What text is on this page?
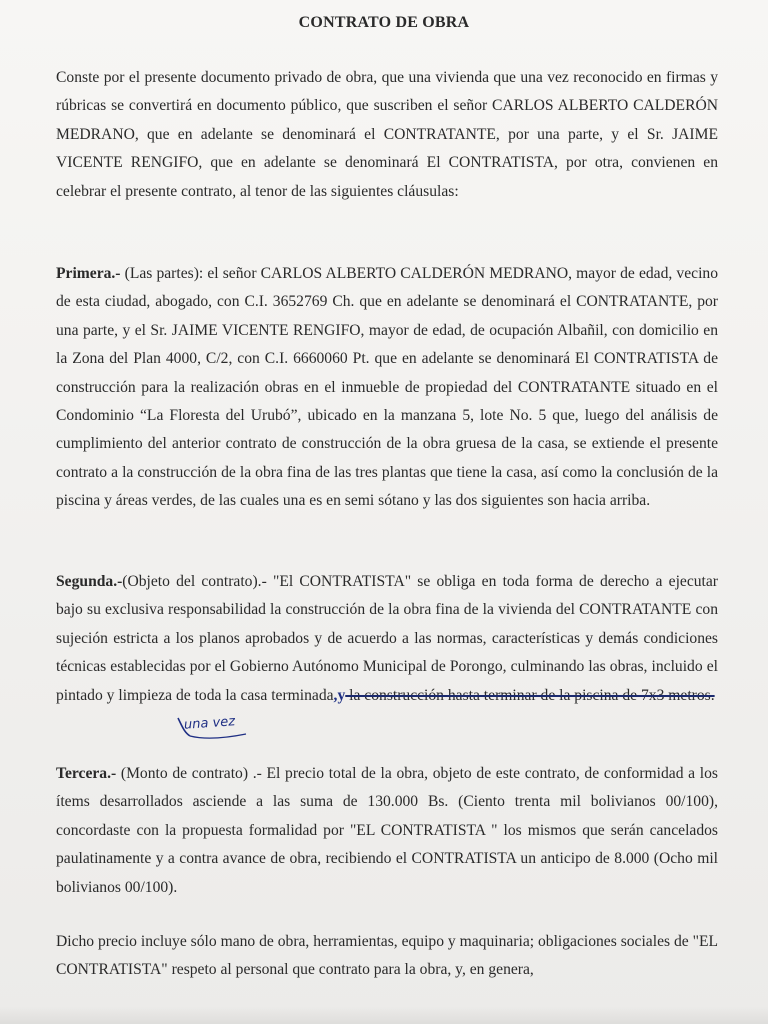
CONTRATO DE OBRA

Conste por el presente documento privado de obra, que una vivienda que una vez reconocido en firmas y rúbricas se convertirá en documento público, que suscriben el señor CARLOS ALBERTO CALDERÓN MEDRANO, que en adelante se denominará el CONTRATANTE, por una parte, y el Sr. JAIME VICENTE RENGIFO, que en adelante se denominará El CONTRATISTA, por otra, convienen en celebrar el presente contrato, al tenor de las siguientes cláusulas:

Primera.- (Las partes): el señor CARLOS ALBERTO CALDERÓN MEDRANO, mayor de edad, vecino de esta ciudad, abogado, con C.I. 3652769 Ch. que en adelante se denominará el CONTRATANTE, por una parte, y el Sr. JAIME VICENTE RENGIFO, mayor de edad, de ocupación Albañil, con domicilio en la Zona del Plan 4000, C/2, con C.I. 6660060 Pt. que en adelante se denominará El CONTRATISTA de construcción para la realización obras en el inmueble de propiedad del CONTRATANTE situado en el Condominio “La Floresta del Urubó”, ubicado en la manzana 5, lote No. 5 que, luego del análisis de cumplimiento del anterior contrato de construcción de la obra gruesa de la casa, se extiende el presente contrato a la construcción de la obra fina de las tres plantas que tiene la casa, así como la conclusión de la piscina y áreas verdes, de las cuales una es en semi sótano y las dos siguientes son hacia arriba.

Segunda.-(Objeto del contrato).- "El CONTRATISTA" se obliga en toda forma de derecho a ejecutar bajo su exclusiva responsabilidad la construcción de la obra fina de la vivienda del CONTRATANTE con sujeción estricta a los planos aprobados y de acuerdo a las normas, características y demás condiciones técnicas establecidas por el Gobierno Autónomo Municipal de Porongo, culminando las obras, incluido el pintado y limpieza de toda la casa terminada,y la construcción hasta terminar de la piscina de 7x3 metros.

una vez

Tercera.- (Monto de contrato) .- El precio total de la obra, objeto de este contrato, de conformidad a los ítems desarrollados asciende a las suma de 130.000 Bs. (Ciento trenta mil bolivianos 00/100), concordaste con la propuesta formalidad por "EL CONTRATISTA " los mismos que serán cancelados paulatinamente y a contra avance de obra, recibiendo el CONTRATISTA un anticipo de 8.000 (Ocho mil bolivianos 00/100).

Dicho precio incluye sólo mano de obra, herramientas, equipo y maquinaria; obligaciones sociales de "EL CONTRATISTA" respeto al personal que contrato para la obra, y, en genera,
